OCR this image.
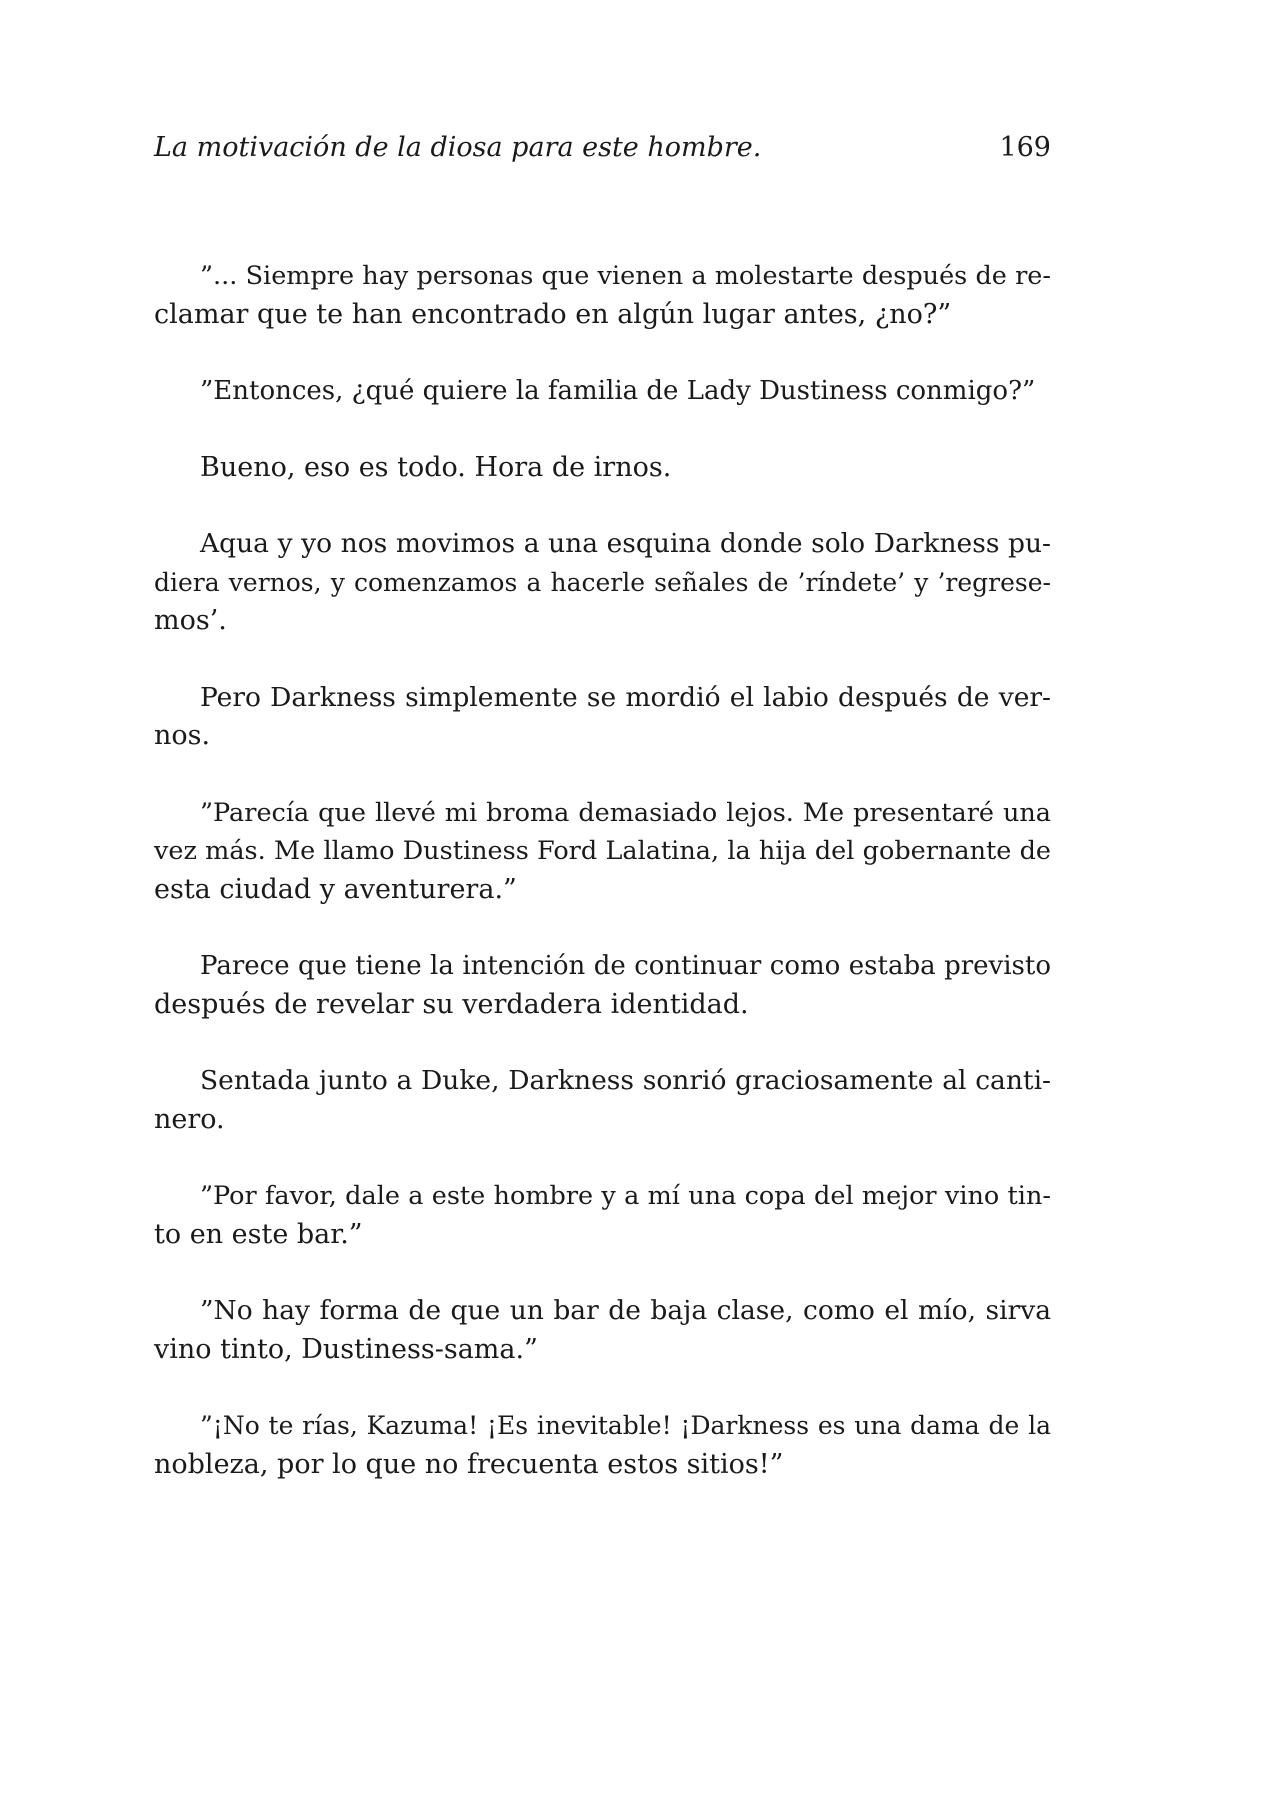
La motivación de la diosa para este hombre.	169
”... Siempre hay personas que vienen a molestarte después de re-
clamar que te han encontrado en algún lugar antes, ¿no?”
”Entonces, ¿qué quiere la familia de Lady Dustiness conmigo?”
Bueno, eso es todo. Hora de irnos.
Aqua y yo nos movimos a una esquina donde solo Darkness pu-
diera vernos, y comenzamos a hacerle señales de ’ríndete’ y ’regrese-
mos’.
Pero Darkness simplemente se mordió el labio después de ver-
nos.
”Parecía que llevé mi broma demasiado lejos. Me presentaré una
vez más. Me llamo Dustiness Ford Lalatina, la hija del gobernante de
esta ciudad y aventurera.”
Parece que tiene la intención de continuar como estaba previsto
después de revelar su verdadera identidad.
Sentada junto a Duke, Darkness sonrió graciosamente al canti-
nero.
”Por favor, dale a este hombre y a mí una copa del mejor vino tin-
to en este bar.”
”No hay forma de que un bar de baja clase, como el mío, sirva
vino tinto, Dustiness-sama.”
”¡No te rías, Kazuma! ¡Es inevitable! ¡Darkness es una dama de la
nobleza, por lo que no frecuenta estos sitios!”
